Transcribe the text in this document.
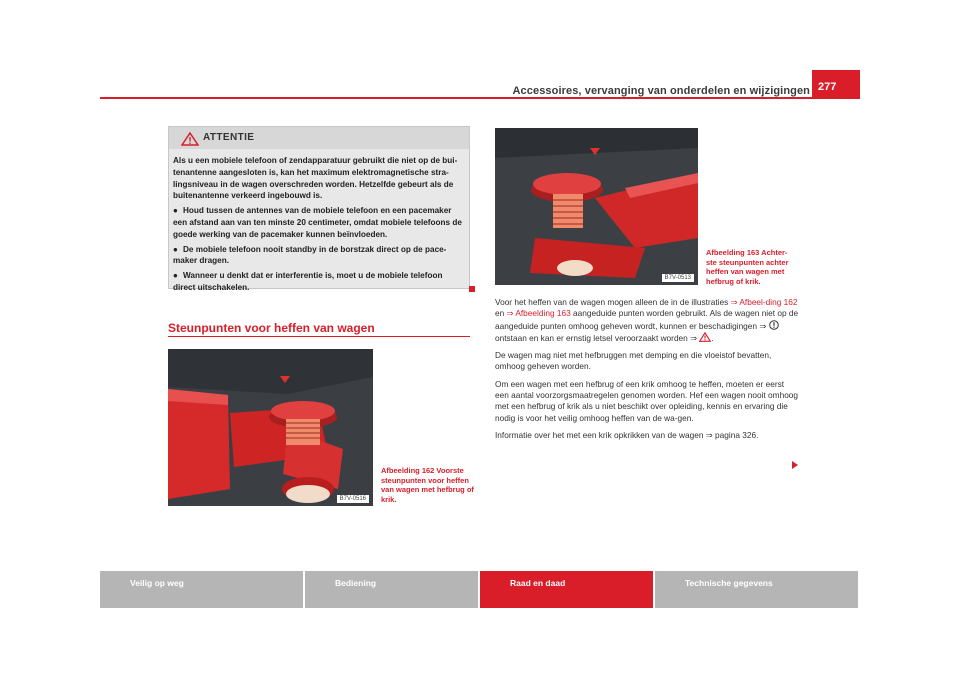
Accessoires, vervanging van onderdelen en wijzigingen 277
ATTENTIE

Als u een mobiele telefoon of zendapparatuur gebruikt die niet op de bui-tenantenne aangesloten is, kan het maximum elektromagnetische stra-lingsniveau in de wagen overschreden worden. Hetzelfde gebeurt als de buitenantenne verkeerd ingebouwd is.

● Houd tussen de antennes van de mobiele telefoon en een pacemaker een afstand aan van ten minste 20 centimeter, omdat mobiele telefoons de goede werking van de pacemaker kunnen beïnvloeden.

● De mobiele telefoon nooit standby in de borstzak direct op de pace-maker dragen.

● Wanneer u denkt dat er interferentie is, moet u de mobiele telefoon direct uitschakelen.

Steunpunten voor heffen van wagen
B7V-0516
Afbeelding 162 Voorste steunpunten voor heffen van wagen met hefbrug of krik.
B7V-0513
Afbeelding 163 Achter-ste steunpunten achter heffen van wagen met hefbrug of krik.

Voor het heffen van de wagen mogen alleen de in de illustraties ⇒ Afbeel-ding 162 en ⇒ Afbeelding 163 aangeduide punten worden gebruikt. Als de wagen niet op de aangeduide punten omhoog geheven wordt, kunnen er beschadigingen ⇒  ontstaan en kan er ernstig letsel veroorzaakt worden ⇒ .

De wagen mag niet met hefbruggen met demping en die vloeistof bevatten, omhoog geheven worden.

Om een wagen met een hefbrug of een krik omhoog te heffen, moeten er eerst een aantal voorzorgsmaatregelen genomen worden. Hef een wagen nooit omhoog met een hefbrug of krik als u niet beschikt over opleiding, kennis en ervaring die nodig is voor het veilig omhoog heffen van de wa-gen.

Informatie over het met een krik opkrikken van de wagen ⇒ pagina 326.

Veilig op weg	Bediening	Raad en daad	Technische gegevens
